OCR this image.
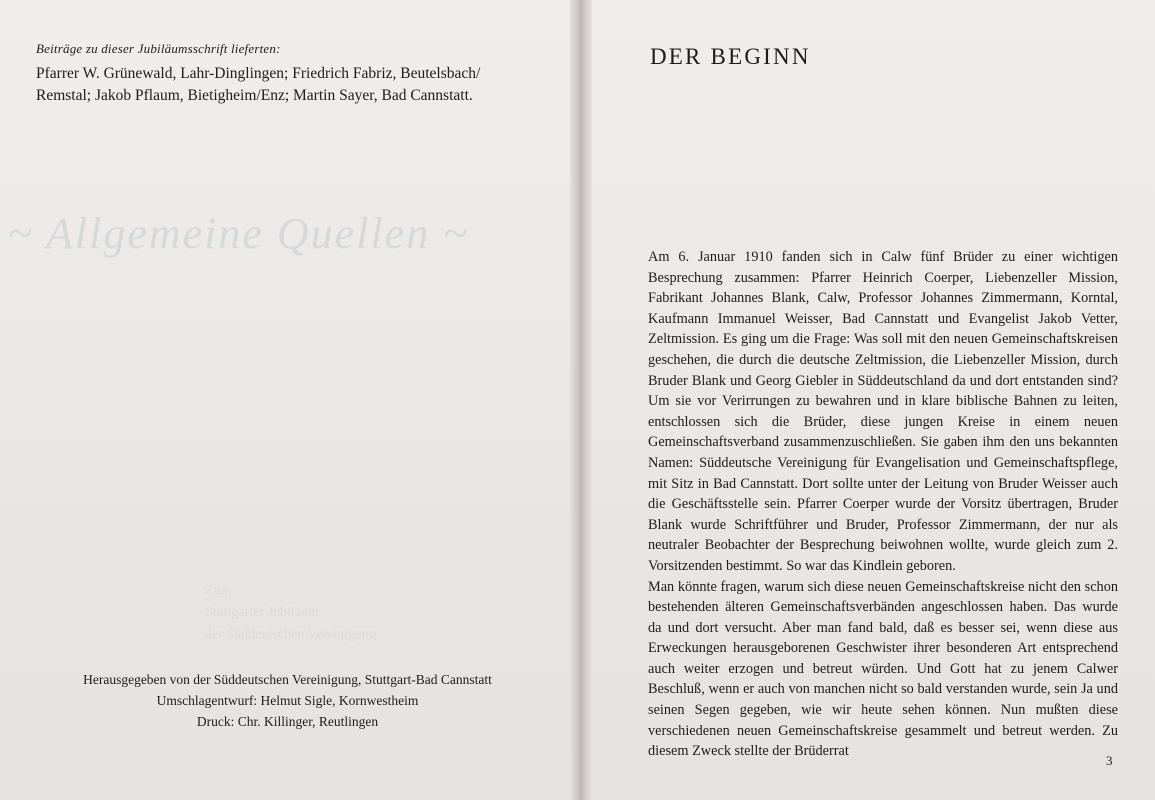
~ Allgemeine Quellen ~
Zum
Stuttgarter Jubiläum
der Süddeutschen Vereinigung
Beiträge zu dieser Jubiläumsschrift lieferten:

Pfarrer W. Grünewald, Lahr-Dinglingen; Friedrich Fabriz, Beutelsbach/ Remstal; Jakob Pflaum, Bietigheim/Enz; Martin Sayer, Bad Cannstatt.

Herausgegeben von der Süddeutschen Vereinigung, Stuttgart-Bad Cannstatt
Umschlagentwurf: Helmut Sigle, Kornwestheim
Druck: Chr. Killinger, Reutlingen
DER BEGINN

Am 6. Januar 1910 fanden sich in Calw fünf Brüder zu einer wichtigen Besprechung zusammen: Pfarrer Heinrich Coerper, Liebenzeller Mission, Fabrikant Johannes Blank, Calw, Professor Johannes Zimmermann, Korntal, Kaufmann Immanuel Weisser, Bad Cannstatt und Evangelist Jakob Vetter, Zeltmission. Es ging um die Frage: Was soll mit den neuen Gemeinschaftskreisen geschehen, die durch die deutsche Zeltmission, die Liebenzeller Mission, durch Bruder Blank und Georg Giebler in Süddeutschland da und dort entstanden sind? Um sie vor Verirrungen zu bewahren und in klare biblische Bahnen zu leiten, entschlossen sich die Brüder, diese jungen Kreise in einem neuen Gemeinschaftsverband zusammenzuschließen. Sie gaben ihm den uns bekannten Namen: Süddeutsche Vereinigung für Evangelisation und Gemeinschaftspflege, mit Sitz in Bad Cannstatt. Dort sollte unter der Leitung von Bruder Weisser auch die Geschäftsstelle sein. Pfarrer Coerper wurde der Vorsitz übertragen, Bruder Blank wurde Schriftführer und Bruder, Professor Zimmermann, der nur als neutraler Beobachter der Besprechung beiwohnen wollte, wurde gleich zum 2. Vorsitzenden bestimmt. So war das Kindlein geboren.

Man könnte fragen, warum sich diese neuen Gemeinschaftskreise nicht den schon bestehenden älteren Gemeinschaftsverbänden angeschlossen haben. Das wurde da und dort versucht. Aber man fand bald, daß es besser sei, wenn diese aus Erweckungen herausgeborenen Geschwister ihrer besonderen Art entsprechend auch weiter erzogen und betreut würden. Und Gott hat zu jenem Calwer Beschluß, wenn er auch von manchen nicht so bald verstanden wurde, sein Ja und seinen Segen gegeben, wie wir heute sehen können. Nun mußten diese verschiedenen neuen Gemeinschaftskreise gesammelt und betreut werden. Zu diesem Zweck stellte der Brüderrat

3
